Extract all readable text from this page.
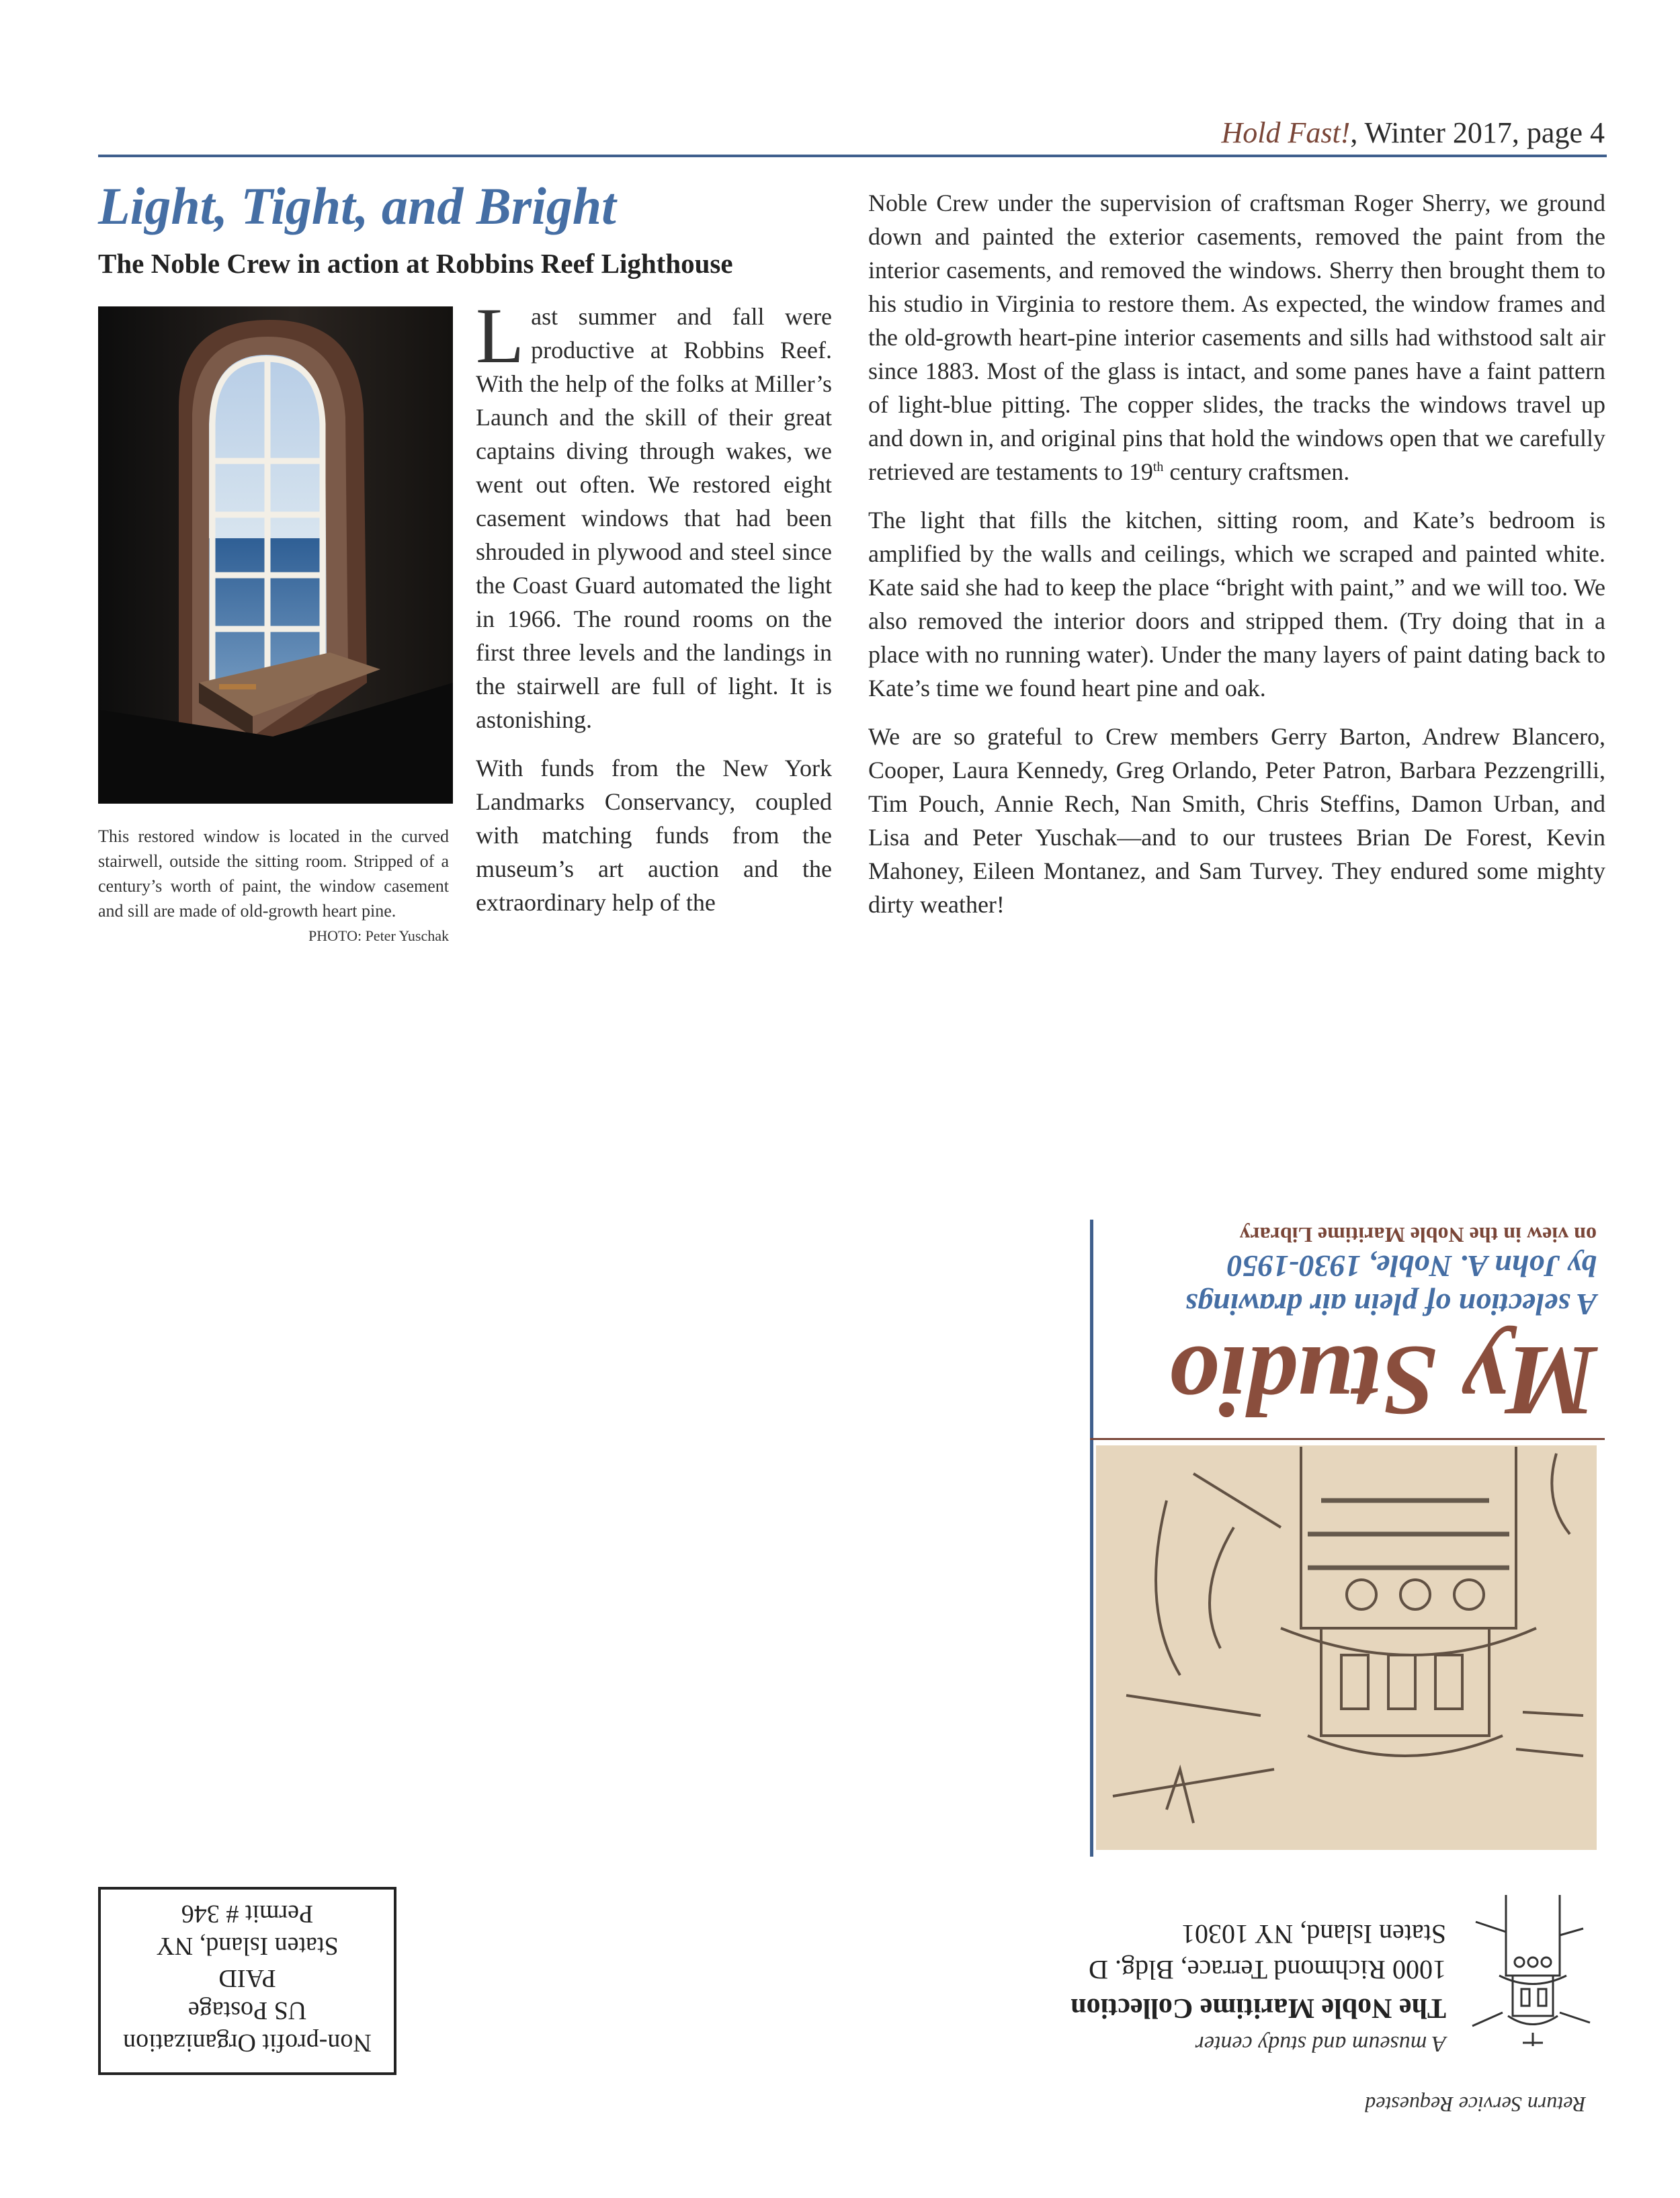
Hold Fast!, Winter 2017, page 4
Light, Tight, and Bright
The Noble Crew in action at Robbins Reef Lighthouse
This restored window is located in the curved stairwell, outside the sitting room. Stripped of a century’s worth of paint, the window casement and sill are made of old-growth heart pine.
PHOTO: Peter Yuschak

Last summer and fall were productive at Robbins Reef. With the help of the folks at Miller’s Launch and the skill of their great captains diving through wakes, we went out often. We restored eight casement windows that had been shrouded in plywood and steel since the Coast Guard automated the light in 1966. The round rooms on the first three levels and the landings in the stairwell are full of light. It is astonishing.

With funds from the New York Landmarks Conservancy, coupled with matching funds from the museum’s art auction and the extraordinary help of the

Noble Crew under the supervision of craftsman Roger Sherry, we ground down and painted the exterior casements, removed the paint from the interior casements, and removed the windows. Sherry then brought them to his studio in Virginia to restore them. As expected, the window frames and the old-growth heart-pine interior casements and sills had withstood salt air since 1883. Most of the glass is intact, and some panes have a faint pattern of light-blue pitting. The copper slides, the tracks the windows travel up and down in, and original pins that hold the windows open that we carefully retrieved are testaments to 19th century craftsmen.

The light that fills the kitchen, sitting room, and Kate’s bedroom is amplified by the walls and ceilings, which we scraped and painted white. Kate said she had to keep the place “bright with paint,” and we will too. We also removed the interior doors and stripped them. (Try doing that in a place with no running water). Under the many layers of paint dating back to Kate’s time we found heart pine and oak.

We are so grateful to Crew members Gerry Barton, Andrew Blancero, Cooper, Laura Kennedy, Greg Orlando, Peter Patron, Barbara Pezzengrilli, Tim Pouch, Annie Rech, Nan Smith, Chris Steffins, Damon Urban, and Lisa and Peter Yuschak—and to our trustees Brian De Forest, Kevin Mahoney, Eileen Montanez, and Sam Turvey. They endured some mighty dirty weather!

My Studio
A selection of plein air drawings
by John A. Noble, 1930-1950
on view in the Noble Maritime Library
Return Service Requested
A museum and study center
The Noble Maritime Collection
1000 Richmond Terrace, Bldg. D
Staten Island, NY 10301
Non-profit Organization
US Postage
PAID
Staten Island, NY
Permit # 346
